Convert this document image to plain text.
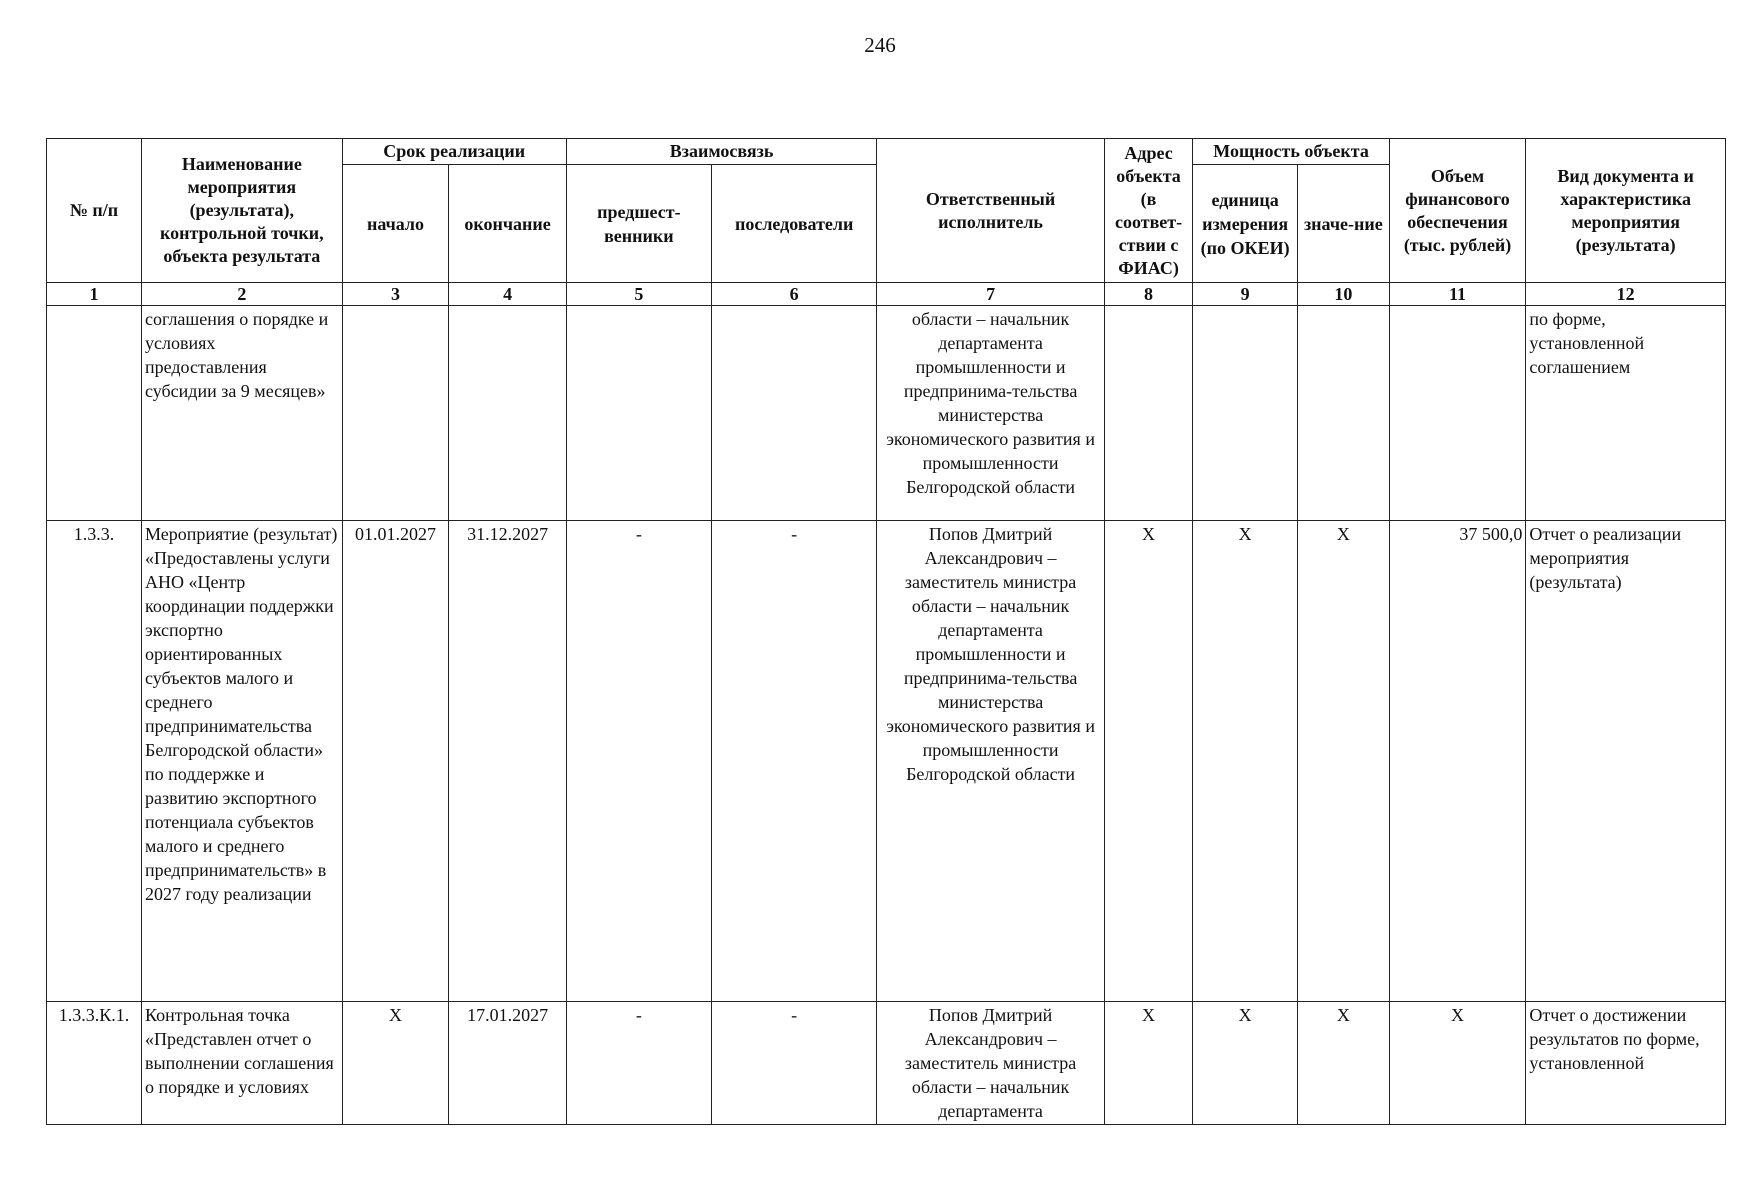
246
№ п/п	Наименование мероприятия (результата), контрольной точки, объекта результата	Срок реализации		Взаимосвязь		Ответственный исполнитель	Адрес объекта (в соответ-ствии с ФИАС)	Мощность объекта		Объем финансового обеспечения (тыс. рублей)	Вид документа и характеристика мероприятия (результата)
		начало	окончание	предшест-венники	последователи			единица измерения (по ОКЕИ)	значе-ние		
1	2	3	4	5	6	7	8	9	10	11	12
	соглашения о порядке и условиях предоставления субсидии за 9 месяцев»					области – начальник департамента промышленности и предпринима-тельства министерства экономического развития и промышленности Белгородской области					по форме, установленной соглашением
1.3.3.	Мероприятие (результат) «Предоставлены услуги АНО «Центр координации поддержки экспортно ориентированных субъектов малого и среднего предпринимательства Белгородской области» по поддержке и развитию экспортного потенциала субъектов малого и среднего предпринимательств» в 2027 году реализации	01.01.2027	31.12.2027	-	-	Попов Дмитрий Александрович – заместитель министра области – начальник департамента промышленности и предпринима-тельства министерства экономического развития и промышленности Белгородской области	X	X	X	37 500,0	Отчет о реализации мероприятия (результата)
1.3.3.К.1.	Контрольная точка «Представлен отчет о выполнении соглашения о порядке и условиях	X	17.01.2027	-	-	Попов Дмитрий Александрович – заместитель министра области – начальник департамента	X	X	X	X	Отчет о достижении результатов по форме, установленной
